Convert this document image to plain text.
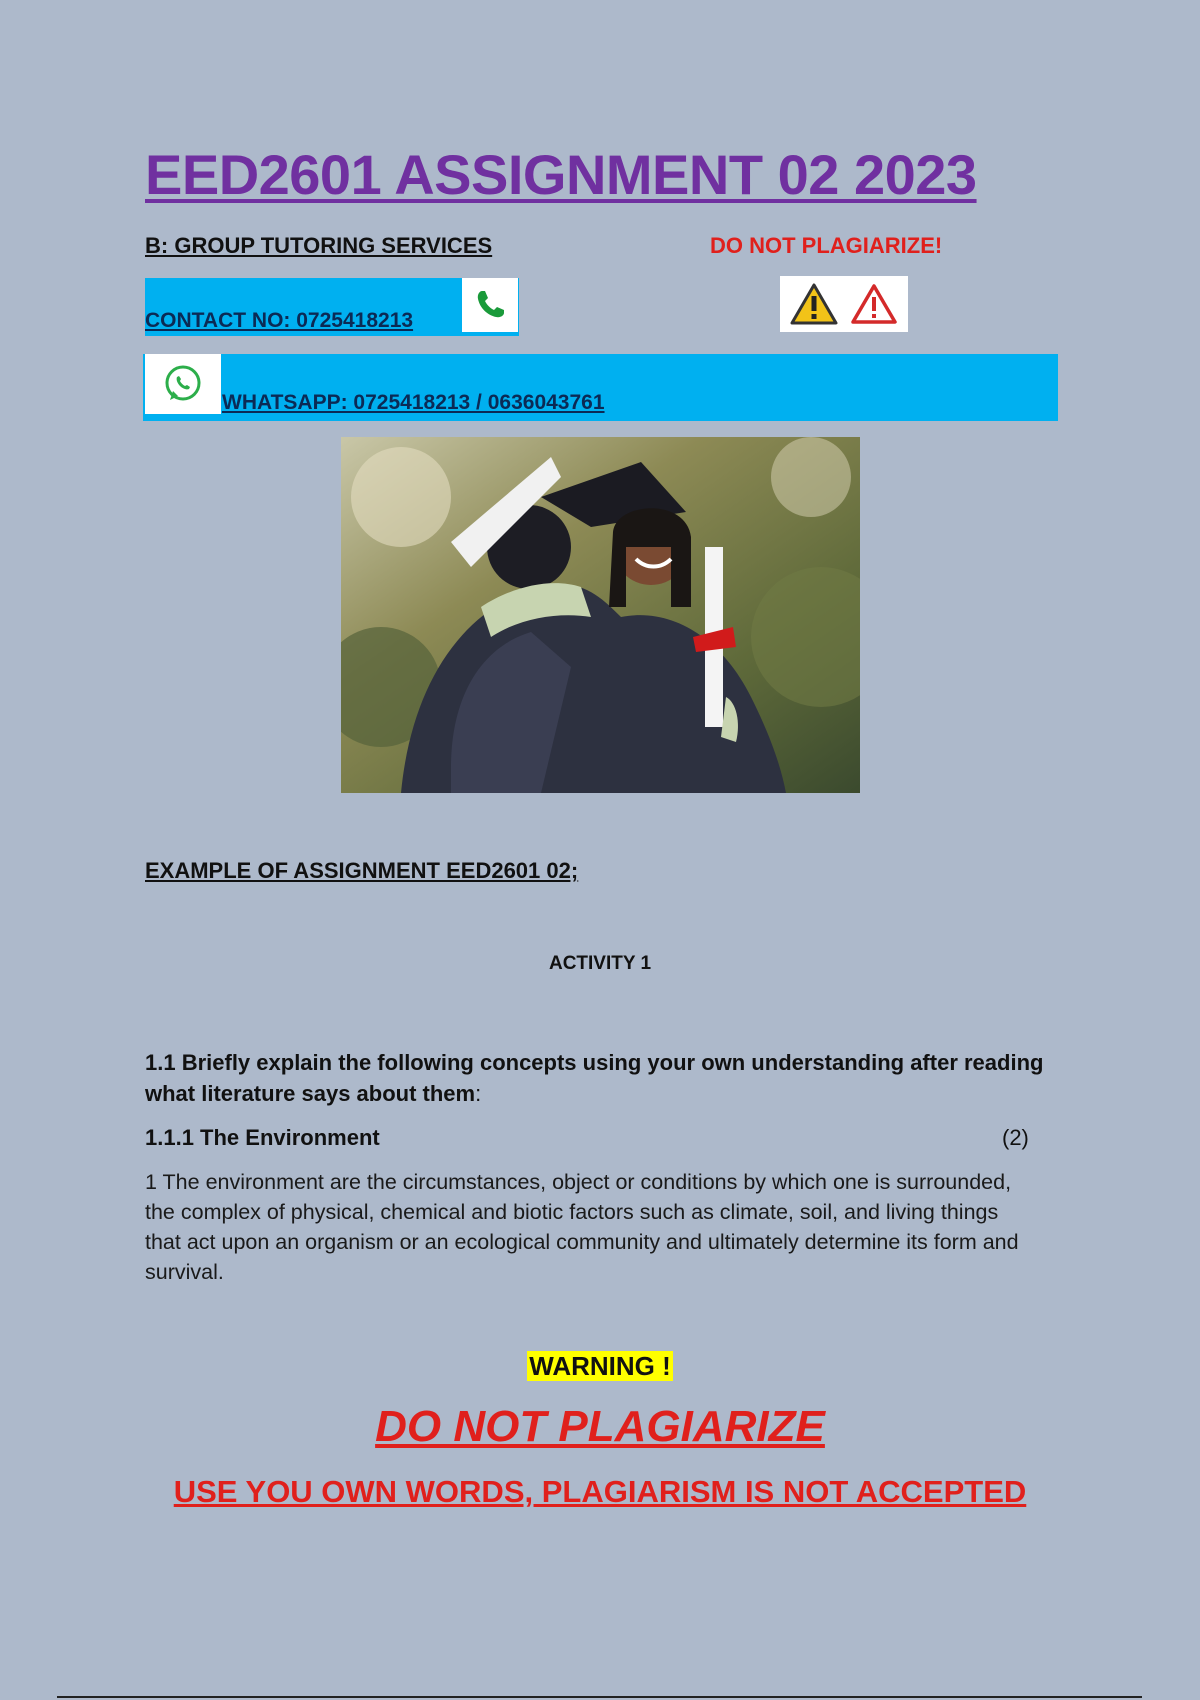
EED2601 ASSIGNMENT 02 2023
B: GROUP TUTORING SERVICES	DO NOT PLAGIARIZE!
CONTACT NO: 0725418213
WHATSAPP: 0725418213 / 0636043761
EXAMPLE OF ASSIGNMENT EED2601 02;
ACTIVITY 1
1.1 Briefly explain the following concepts using your own understanding after reading what literature says about them:
1.1.1 The Environment	(2)
1 The environment are the circumstances, object or conditions by which one is surrounded, the complex of physical, chemical and biotic factors such as climate, soil, and living things that act upon an organism or an ecological community and ultimately determine its form and survival.
WARNING !
DO NOT PLAGIARIZE
USE YOU OWN WORDS, PLAGIARISM IS NOT ACCEPTED
